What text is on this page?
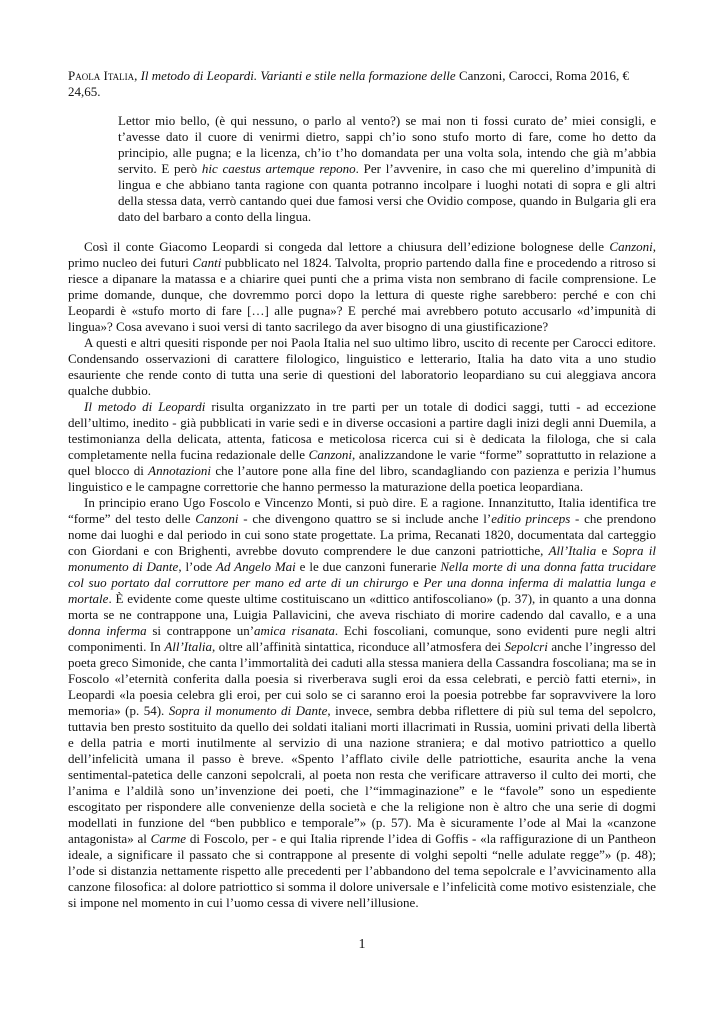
Paola Italia, Il metodo di Leopardi. Varianti e stile nella formazione delle Canzoni, Carocci, Roma 2016, € 24,65.

Lettor mio bello, (è qui nessuno, o parlo al vento?) se mai non ti fossi curato de’ miei consigli, e t’avesse dato il cuore di venirmi dietro, sappi ch’io sono stufo morto di fare, come ho detto da principio, alle pugna; e la licenza, ch’io t’ho domandata per una volta sola, intendo che già m’abbia servito. E però hic caestus artemque repono. Per l’avvenire, in caso che mi querelino d’impunità di lingua e che abbiano tanta ragione con quanta potranno incolpare i luoghi notati di sopra e gli altri della stessa data, verrò cantando quei due famosi versi che Ovidio compose, quando in Bulgaria gli era dato del barbaro a conto della lingua.

Così il conte Giacomo Leopardi si congeda dal lettore a chiusura dell’edizione bolognese delle Canzoni, primo nucleo dei futuri Canti pubblicato nel 1824. Talvolta, proprio partendo dalla fine e procedendo a ritroso si riesce a dipanare la matassa e a chiarire quei punti che a prima vista non sembrano di facile comprensione. Le prime domande, dunque, che dovremmo porci dopo la lettura di queste righe sarebbero: perché e con chi Leopardi è «stufo morto di fare […] alle pugna»? E perché mai avrebbero potuto accusarlo «d’impunità di lingua»? Cosa avevano i suoi versi di tanto sacrilego da aver bisogno di una giustificazione?

A questi e altri quesiti risponde per noi Paola Italia nel suo ultimo libro, uscito di recente per Carocci editore. Condensando osservazioni di carattere filologico, linguistico e letterario, Italia ha dato vita a uno studio esauriente che rende conto di tutta una serie di questioni del laboratorio leopardiano su cui aleggiava ancora qualche dubbio.

Il metodo di Leopardi risulta organizzato in tre parti per un totale di dodici saggi, tutti - ad eccezione dell’ultimo, inedito - già pubblicati in varie sedi e in diverse occasioni a partire dagli inizi degli anni Duemila, a testimonianza della delicata, attenta, faticosa e meticolosa ricerca cui si è dedicata la filologa, che si cala completamente nella fucina redazionale delle Canzoni, analizzandone le varie “forme” soprattutto in relazione a quel blocco di Annotazioni che l’autore pone alla fine del libro, scandagliando con pazienza e perizia l’humus linguistico e le campagne correttorie che hanno permesso la maturazione della poetica leopardiana.

In principio erano Ugo Foscolo e Vincenzo Monti, si può dire. E a ragione. Innanzitutto, Italia identifica tre “forme” del testo delle Canzoni - che divengono quattro se si include anche l’editio princeps - che prendono nome dai luoghi e dal periodo in cui sono state progettate. La prima, Recanati 1820, documentata dal carteggio con Giordani e con Brighenti, avrebbe dovuto comprendere le due canzoni patriottiche, All’Italia e Sopra il monumento di Dante, l’ode Ad Angelo Mai e le due canzoni funerarie Nella morte di una donna fatta trucidare col suo portato dal corruttore per mano ed arte di un chirurgo e Per una donna inferma di malattia lunga e mortale. È evidente come queste ultime costituiscano un «dittico antifoscoliano» (p. 37), in quanto a una donna morta se ne contrappone una, Luigia Pallavicini, che aveva rischiato di morire cadendo dal cavallo, e a una donna inferma si contrappone un’amica risanata. Echi foscoliani, comunque, sono evidenti pure negli altri componimenti. In All’Italia, oltre all’affinità sintattica, riconduce all’atmosfera dei Sepolcri anche l’ingresso del poeta greco Simonide, che canta l’immortalità dei caduti alla stessa maniera della Cassandra foscoliana; ma se in Foscolo «l’eternità conferita dalla poesia si riverberava sugli eroi da essa celebrati, e perciò fatti eterni», in Leopardi «la poesia celebra gli eroi, per cui solo se ci saranno eroi la poesia potrebbe far sopravvivere la loro memoria» (p. 54). Sopra il monumento di Dante, invece, sembra debba riflettere di più sul tema del sepolcro, tuttavia ben presto sostituito da quello dei soldati italiani morti illacrimati in Russia, uomini privati della libertà e della patria e morti inutilmente al servizio di una nazione straniera; e dal motivo patriottico a quello dell’infelicità umana il passo è breve. «Spento l’afflato civile delle patriottiche, esaurita anche la vena sentimental-patetica delle canzoni sepolcrali, al poeta non resta che verificare attraverso il culto dei morti, che l’anima e l’aldilà sono un’invenzione dei poeti, che l’“immaginazione” e le “favole” sono un espediente escogitato per rispondere alle convenienze della società e che la religione non è altro che una serie di dogmi modellati in funzione del “ben pubblico e temporale”» (p. 57). Ma è sicuramente l’ode al Mai la «canzone antagonista» al Carme di Foscolo, per - e qui Italia riprende l’idea di Goffis - «la raffigurazione di un Pantheon ideale, a significare il passato che si contrappone al presente di volghi sepolti “nelle adulate regge”» (p. 48); l’ode si distanzia nettamente rispetto alle precedenti per l’abbandono del tema sepolcrale e l’avvicinamento alla canzone filosofica: al dolore patriottico si somma il dolore universale e l’infelicità come motivo esistenziale, che si impone nel momento in cui l’uomo cessa di vivere nell’illusione.

1
